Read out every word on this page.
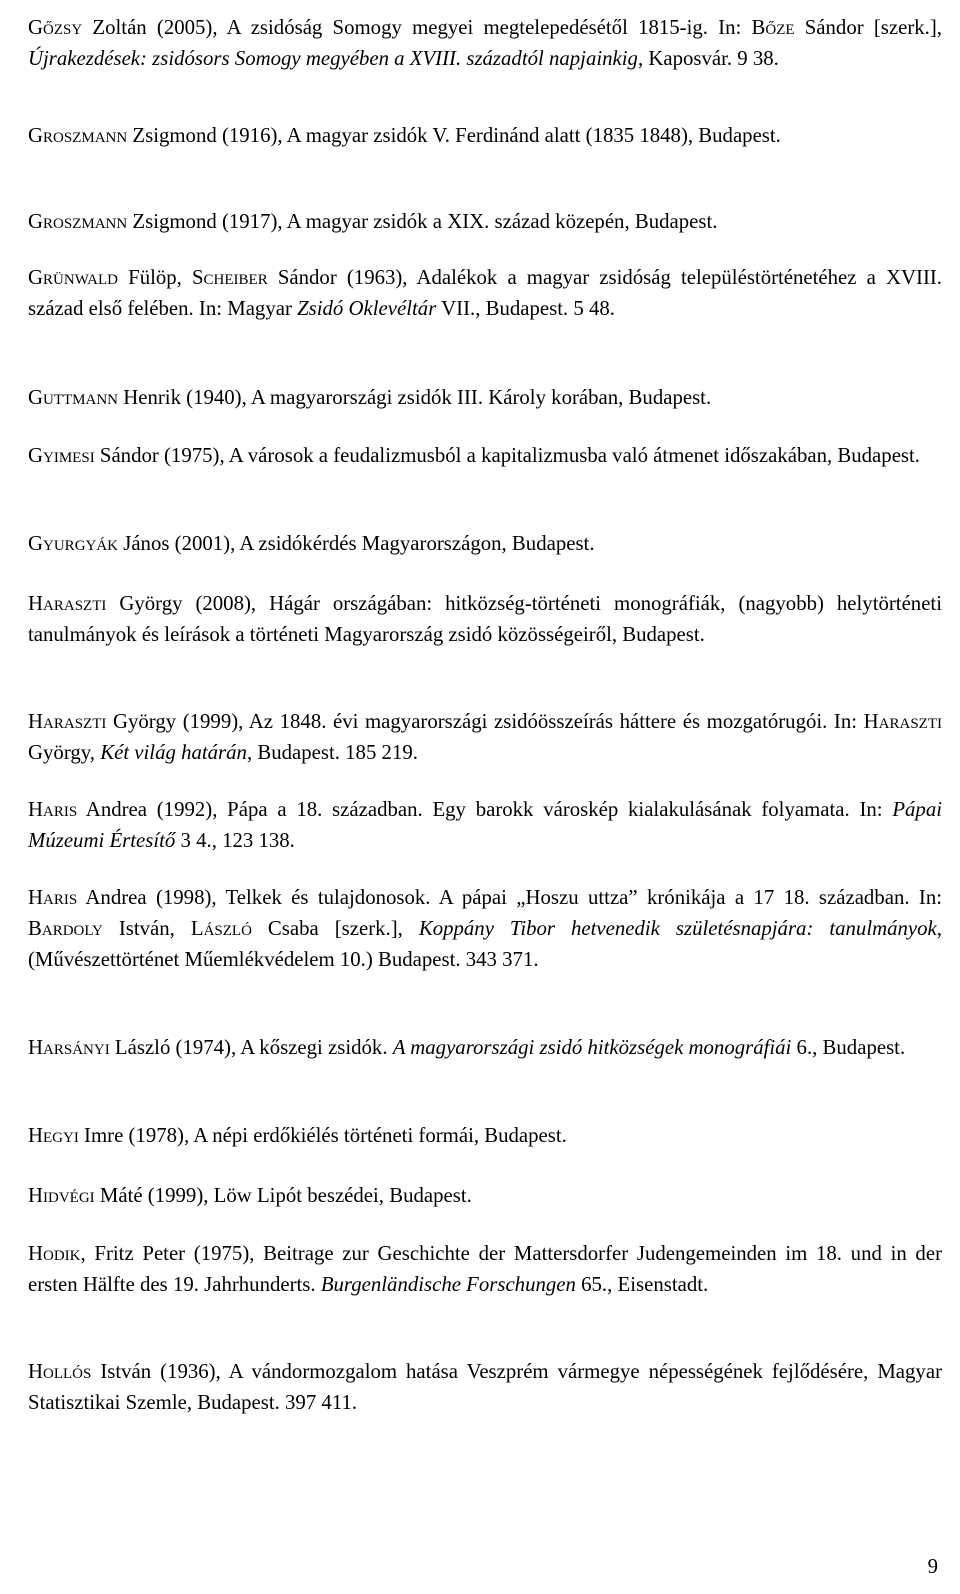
Gőzsy Zoltán (2005), A zsidóság Somogy megyei megtelepedésétől 1815-ig. In: Bőze Sándor [szerk.], Újrakezdések: zsidósors Somogy megyében a XVIII. századtól napjainkig, Kaposvár. 9 38.

Groszmann Zsigmond (1916), A magyar zsidók V. Ferdinánd alatt (1835 1848), Budapest.

Groszmann Zsigmond (1917), A magyar zsidók a XIX. század közepén, Budapest.

Grünwald Fülöp, Scheiber Sándor (1963), Adalékok a magyar zsidóság településtörténetéhez a XVIII. század első felében. In: Magyar Zsidó Oklevéltár VII., Budapest. 5 48.

Guttmann Henrik (1940), A magyarországi zsidók III. Károly korában, Budapest.

Gyimesi Sándor (1975), A városok a feudalizmusból a kapitalizmusba való átmenet időszakában, Budapest.

Gyurgyák János (2001), A zsidókérdés Magyarországon, Budapest.

Haraszti György (2008), Hágár országában: hitközség-történeti monográfiák, (nagyobb) helytörténeti tanulmányok és leírások a történeti Magyarország zsidó közösségeiről, Budapest.

Haraszti György (1999), Az 1848. évi magyarországi zsidóösszeírás háttere és mozgatórugói. In: Haraszti György, Két világ határán, Budapest. 185 219.

Haris Andrea (1992), Pápa a 18. században. Egy barokk városkép kialakulásának folyamata. In: Pápai Múzeumi Értesítő 3 4., 123 138.

Haris Andrea (1998), Telkek és tulajdonosok. A pápai „Hoszu uttza” krónikája a 17 18. században. In: Bardoly István, László Csaba [szerk.], Koppány Tibor hetvenedik születésnapjára: tanulmányok, (Művészettörténet Műemlékvédelem 10.) Budapest. 343 371.

Harsányi László (1974), A kőszegi zsidók. A magyarországi zsidó hitközségek monográfiái 6., Budapest.

Hegyi Imre (1978), A népi erdőkiélés történeti formái, Budapest.

Hidvégi Máté (1999), Löw Lipót beszédei, Budapest.

Hodik, Fritz Peter (1975), Beitrage zur Geschichte der Mattersdorfer Judengemeinden im 18. und in der ersten Hälfte des 19. Jahrhunderts. Burgenländische Forschungen 65., Eisenstadt.

Hollós István (1936), A vándormozgalom hatása Veszprém vármegye népességének fejlődésére, Magyar Statisztikai Szemle, Budapest. 397 411.

9
